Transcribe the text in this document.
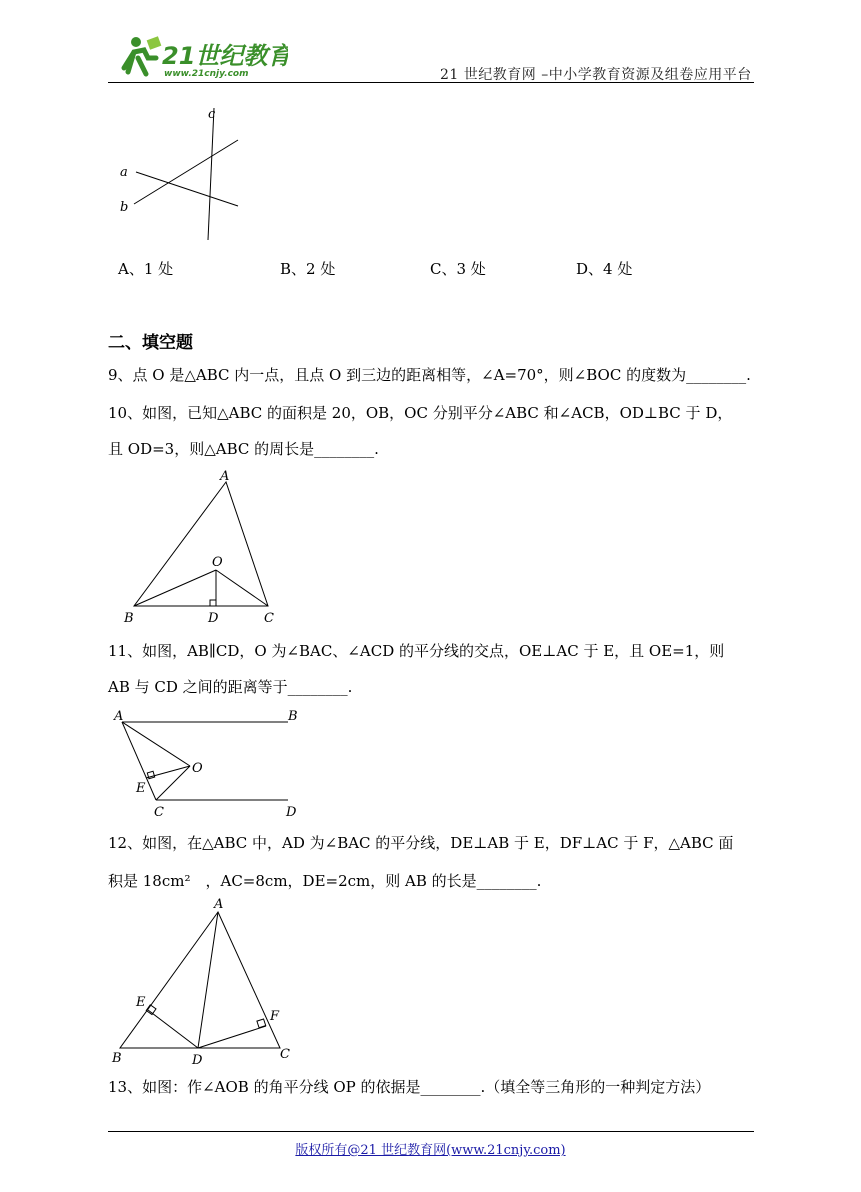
21世纪教育
www.21cnjy.com	21 世纪教育网 –中小学教育资源及组卷应用平台
c
a
b
A、1 处	B、2 处	C、3 处	D、4 处
二、填空题
9、点 O 是△ABC 内一点，且点 O 到三边的距离相等，∠A=70°，则∠BOC 的度数为________.
10、如图，已知△ABC 的面积是 20，OB，OC 分别平分∠ABC 和∠ACB，OD⊥BC 于 D，
且 OD=3，则△ABC 的周长是________.
A
O
B	D	C
11、如图，AB∥CD，O 为∠BAC、∠ACD 的平分线的交点，OE⊥AC 于 E，且 OE=1，则
AB 与 CD 之间的距离等于________.
A	B
O
E
C	D
12、如图，在△ABC 中，AD 为∠BAC 的平分线，DE⊥AB 于 E，DF⊥AC 于 F，△ABC 面
积是 18cm²　，AC=8cm，DE=2cm，则 AB 的长是________.
A
E
F
B	D	C
13、如图：作∠AOB 的角平分线 OP 的依据是________.（填全等三角形的一种判定方法）
版权所有@21 世纪教育网(www.21cnjy.com)
